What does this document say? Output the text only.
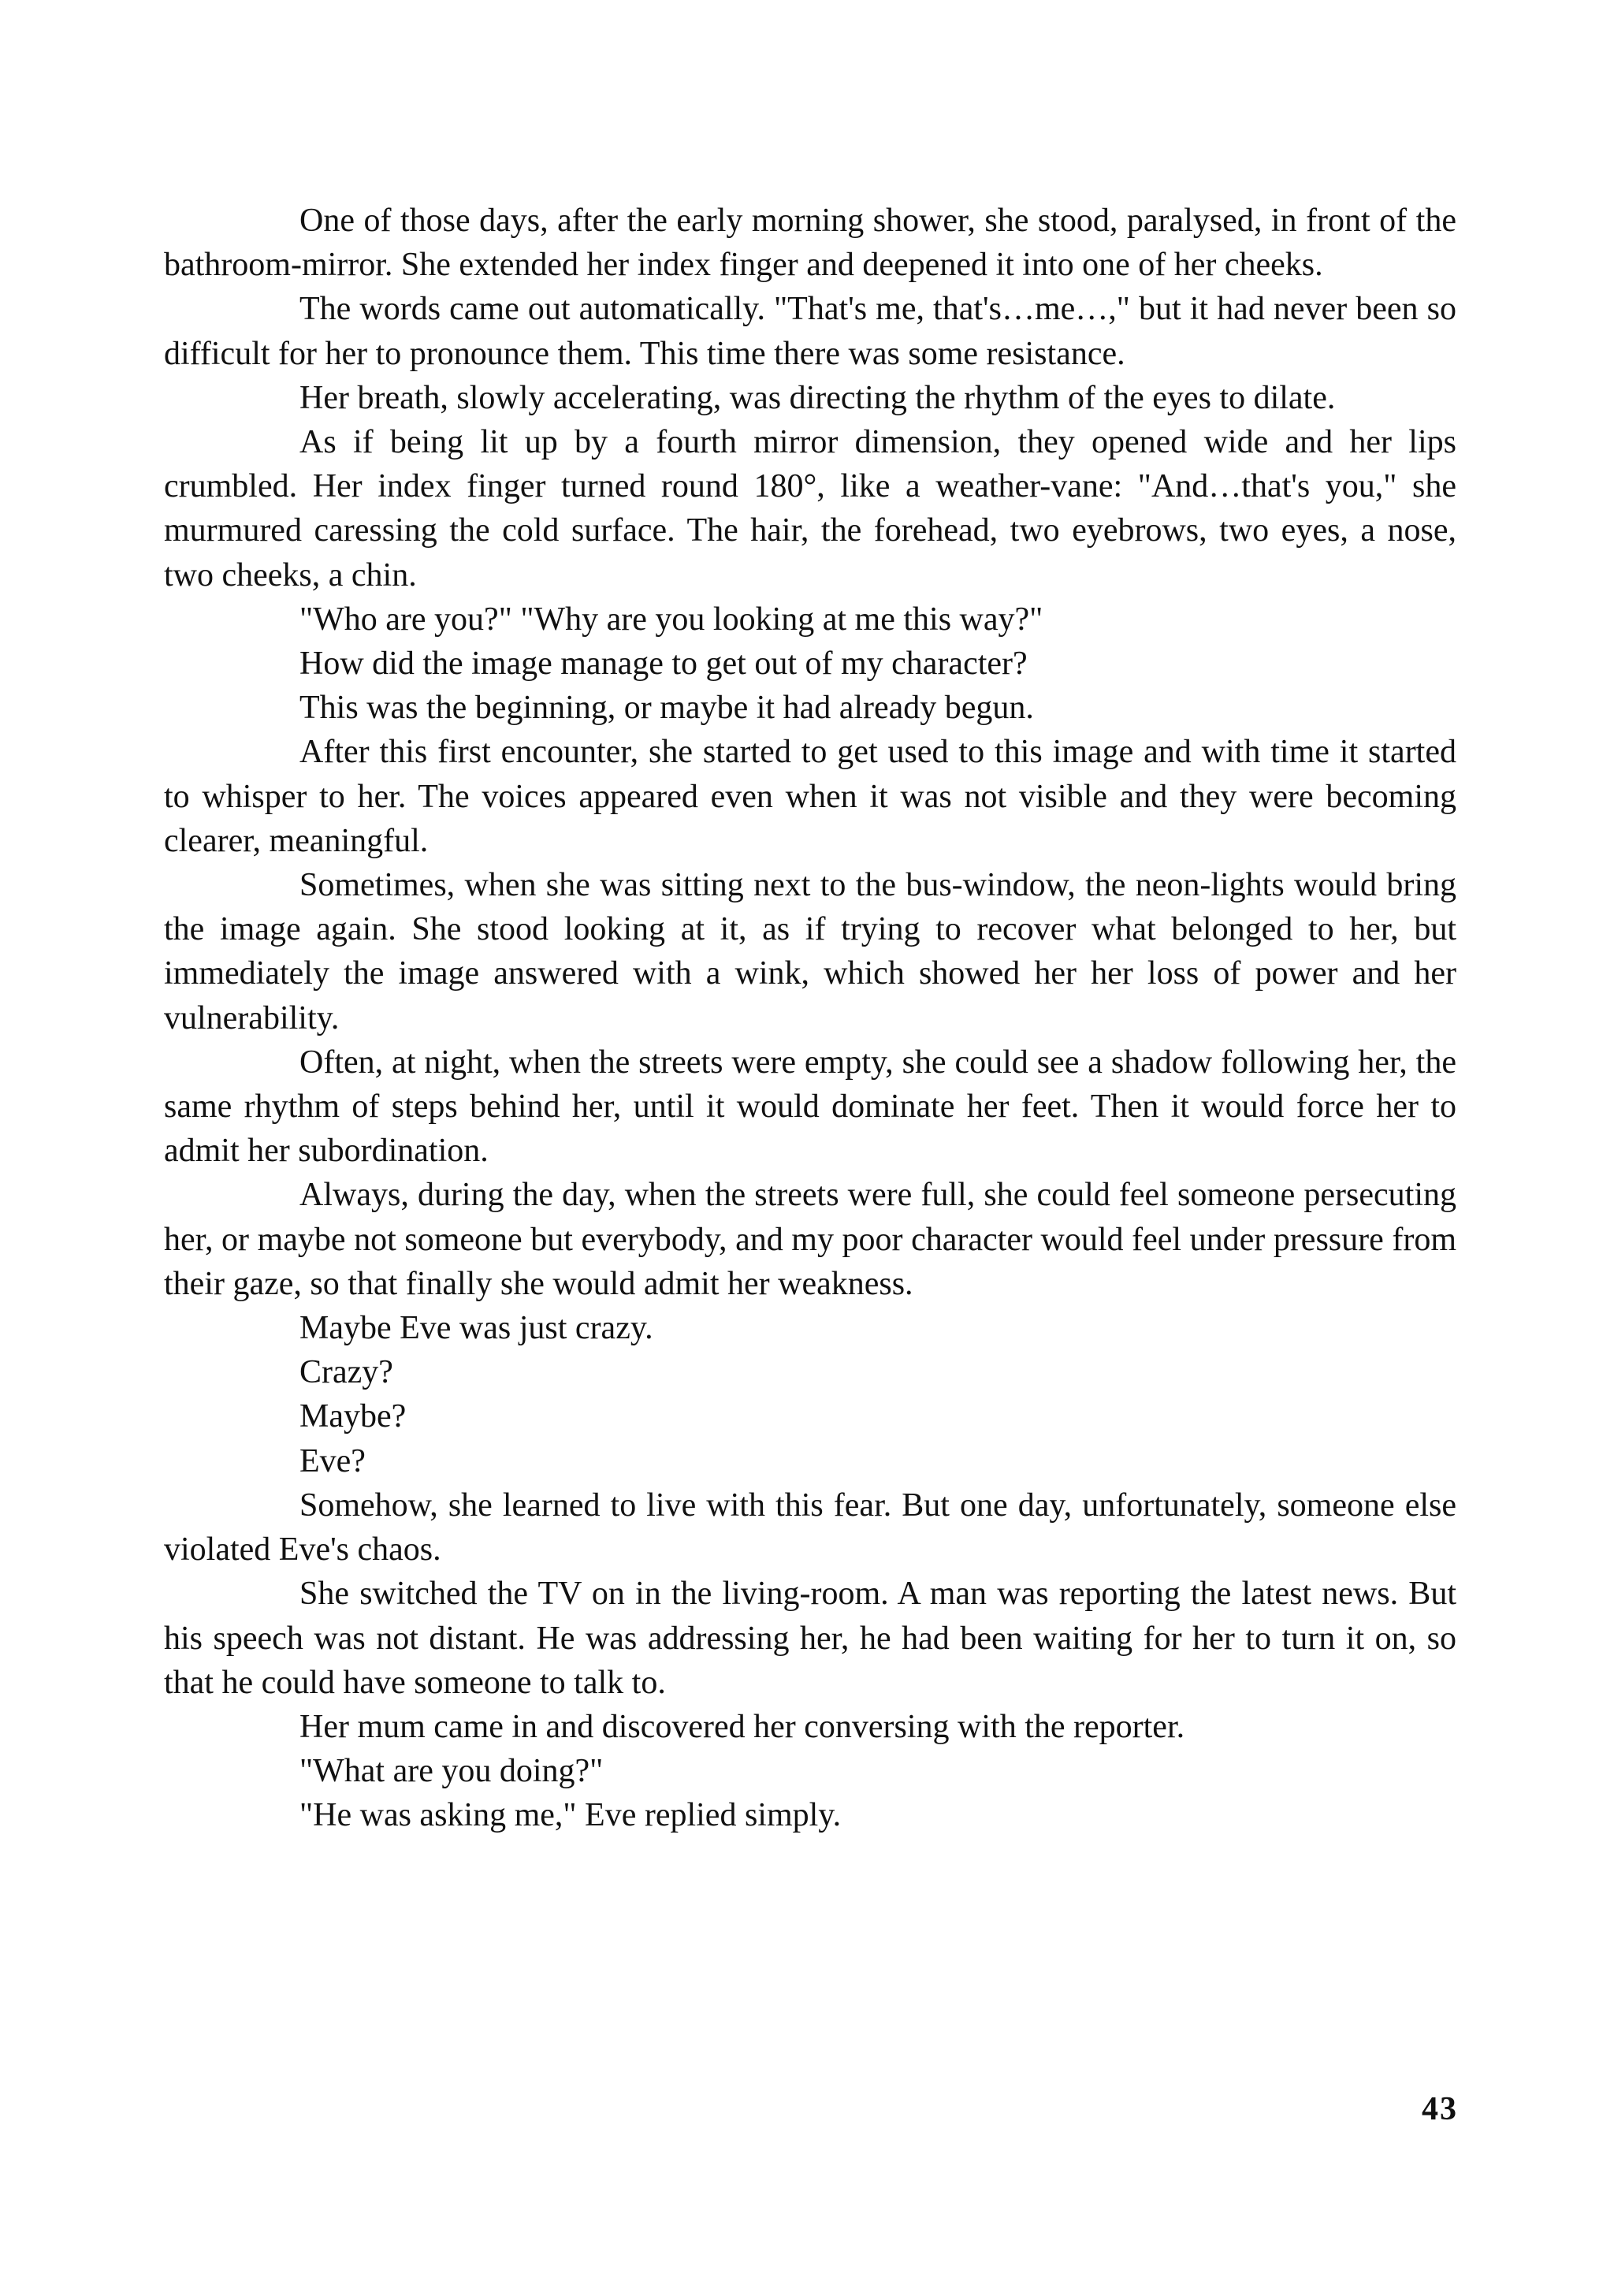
One of those days, after the early morning shower, she stood, paralysed, in front of the bathroom-mirror. She extended her index finger and deepened it into one of her cheeks.

The words came out automatically. "That's me, that's…me…," but it had never been so difficult for her to pronounce them. This time there was some resistance.

Her breath, slowly accelerating, was directing the rhythm of the eyes to dilate.

As if being lit up by a fourth mirror dimension, they opened wide and her lips crumbled. Her index finger turned round 180°, like a weather-vane: "And…that's you," she murmured caressing the cold surface. The hair, the forehead, two eyebrows, two eyes, a nose, two cheeks, a chin.

"Who are you?" "Why are you looking at me this way?"

How did the image manage to get out of my character?

This was the beginning, or maybe it had already begun.

After this first encounter, she started to get used to this image and with time it started to whisper to her. The voices appeared even when it was not visible and they were becoming clearer, meaningful.

Sometimes, when she was sitting next to the bus-window, the neon-lights would bring the image again. She stood looking at it, as if trying to recover what belonged to her, but immediately the image answered with a wink, which showed her her loss of power and her vulnerability.

Often, at night, when the streets were empty, she could see a shadow following her, the same rhythm of steps behind her, until it would dominate her feet. Then it would force her to admit her subordination.

Always, during the day, when the streets were full, she could feel someone persecuting her, or maybe not someone but everybody, and my poor character would feel under pressure from their gaze, so that finally she would admit her weakness.

Maybe Eve was just crazy.

Crazy?

Maybe?

Eve?

Somehow, she learned to live with this fear. But one day, unfortunately, someone else violated Eve's chaos.

She switched the TV on in the living-room. A man was reporting the latest news. But his speech was not distant. He was addressing her, he had been waiting for her to turn it on, so that he could have someone to talk to.

Her mum came in and discovered her conversing with the reporter.

"What are you doing?"

"He was asking me," Eve replied simply.

43
